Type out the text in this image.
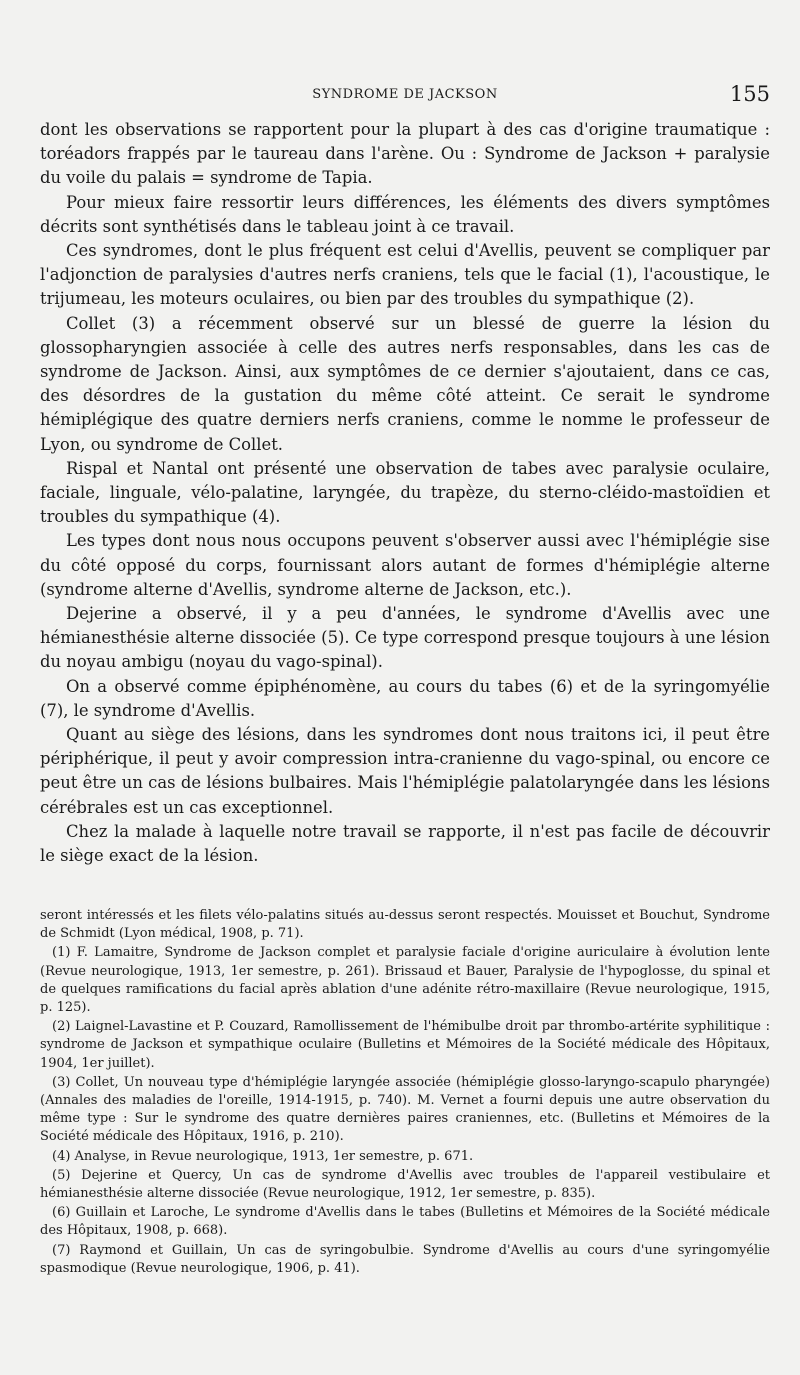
SYNDROME DE JACKSON	155

dont les observations se rapportent pour la plupart à des cas d'origine traumatique : toréadors frappés par le taureau dans l'arène. Ou : Syndrome de Jackson + paralysie du voile du palais = syndrome de Tapia.

Pour mieux faire ressortir leurs différences, les éléments des divers symptômes décrits sont synthétisés dans le tableau joint à ce travail.

Ces syndromes, dont le plus fréquent est celui d'Avellis, peuvent se compliquer par l'adjonction de paralysies d'autres nerfs craniens, tels que le facial (1), l'acoustique, le trijumeau, les moteurs oculaires, ou bien par des troubles du sympathique (2).

Collet (3) a récemment observé sur un blessé de guerre la lésion du glossopharyngien associée à celle des autres nerfs responsables, dans les cas de syndrome de Jackson. Ainsi, aux symptômes de ce dernier s'ajoutaient, dans ce cas, des désordres de la gustation du même côté atteint. Ce serait le syndrome hémiplégique des quatre derniers nerfs craniens, comme le nomme le professeur de Lyon, ou syndrome de Collet.

Rispal et Nantal ont présenté une observation de tabes avec paralysie oculaire, faciale, linguale, vélo-palatine, laryngée, du trapèze, du sterno-cléido-mastoïdien et troubles du sympathique (4).

Les types dont nous nous occupons peuvent s'observer aussi avec l'hémiplégie sise du côté opposé du corps, fournissant alors autant de formes d'hémiplégie alterne (syndrome alterne d'Avellis, syndrome alterne de Jackson, etc.).

Dejerine a observé, il y a peu d'années, le syndrome d'Avellis avec une hémianesthésie alterne dissociée (5). Ce type correspond presque toujours à une lésion du noyau ambigu (noyau du vago-spinal).

On a observé comme épiphénomène, au cours du tabes (6) et de la syringomyélie (7), le syndrome d'Avellis.

Quant au siège des lésions, dans les syndromes dont nous traitons ici, il peut être périphérique, il peut y avoir compression intra-cranienne du vago-spinal, ou encore ce peut être un cas de lésions bulbaires. Mais l'hémiplégie palatolaryngée dans les lésions cérébrales est un cas exceptionnel.

Chez la malade à laquelle notre travail se rapporte, il n'est pas facile de découvrir le siège exact de la lésion.

seront intéressés et les filets vélo-palatins situés au-dessus seront respectés. Mouisset et Bouchut, Syndrome de Schmidt (Lyon médical, 1908, p. 71).

(1) F. Lamaitre, Syndrome de Jackson complet et paralysie faciale d'origine auriculaire à évolution lente (Revue neurologique, 1913, 1er semestre, p. 261). Brissaud et Bauer, Paralysie de l'hypoglosse, du spinal et de quelques ramifications du facial après ablation d'une adénite rétro-maxillaire (Revue neurologique, 1915, p. 125).

(2) Laignel-Lavastine et P. Couzard, Ramollissement de l'hémibulbe droit par thrombo-artérite syphilitique : syndrome de Jackson et sympathique oculaire (Bulletins et Mémoires de la Société médicale des Hôpitaux, 1904, 1er juillet).

(3) Collet, Un nouveau type d'hémiplégie laryngée associée (hémiplégie glosso-laryngo-scapulo pharyngée) (Annales des maladies de l'oreille, 1914-1915, p. 740). M. Vernet a fourni depuis une autre observation du même type : Sur le syndrome des quatre dernières paires craniennes, etc. (Bulletins et Mémoires de la Société médicale des Hôpitaux, 1916, p. 210).

(4) Analyse, in Revue neurologique, 1913, 1er semestre, p. 671.

(5) Dejerine et Quercy, Un cas de syndrome d'Avellis avec troubles de l'appareil vestibulaire et hémianesthésie alterne dissociée (Revue neurologique, 1912, 1er semestre, p. 835).

(6) Guillain et Laroche, Le syndrome d'Avellis dans le tabes (Bulletins et Mémoires de la Société médicale des Hôpitaux, 1908, p. 668).

(7) Raymond et Guillain, Un cas de syringobulbie. Syndrome d'Avellis au cours d'une syringomyélie spasmodique (Revue neurologique, 1906, p. 41).
